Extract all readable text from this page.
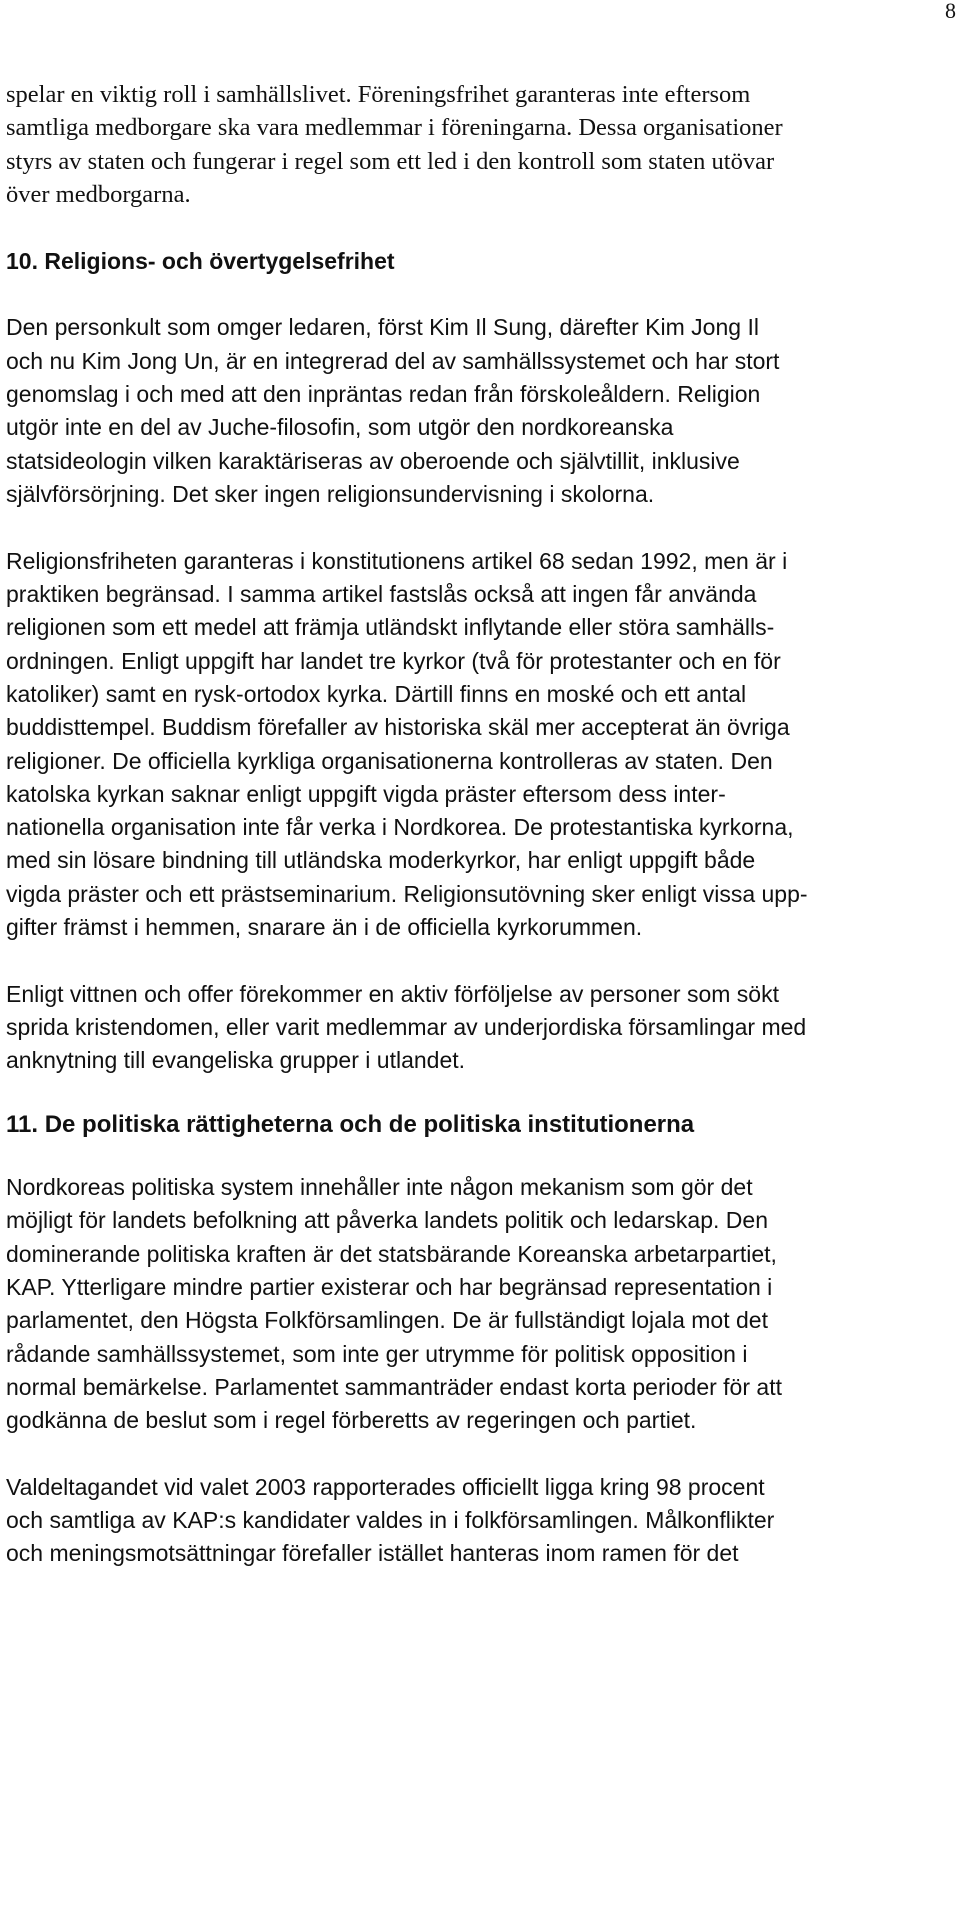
8
spelar en viktig roll i samhällslivet. Föreningsfrihet garanteras inte eftersom
samtliga medborgare ska vara medlemmar i föreningarna. Dessa organisationer
styrs av staten och fungerar i regel som ett led i den kontroll som staten utövar
över medborgarna.
10. Religions- och övertygelsefrihet
Den personkult som omger ledaren, först Kim Il Sung, därefter Kim Jong Il
och nu Kim Jong Un, är en integrerad del av samhällssystemet och har stort
genomslag i och med att den inpräntas redan från förskoleåldern. Religion
utgör inte en del av Juche-filosofin, som utgör den nordkoreanska
statsideologin vilken karaktäriseras av oberoende och självtillit, inklusive
självförsörjning. Det sker ingen religionsundervisning i skolorna.
Religionsfriheten garanteras i konstitutionens artikel 68 sedan 1992, men är i
praktiken begränsad. I samma artikel fastslås också att ingen får använda
religionen som ett medel att främja utländskt inflytande eller störa samhälls-
ordningen. Enligt uppgift har landet tre kyrkor (två för protestanter och en för
katoliker) samt en rysk-ortodox kyrka. Därtill finns en moské och ett antal
buddisttempel. Buddism förefaller av historiska skäl mer accepterat än övriga
religioner. De officiella kyrkliga organisationerna kontrolleras av staten. Den
katolska kyrkan saknar enligt uppgift vigda präster eftersom dess inter-
nationella organisation inte får verka i Nordkorea. De protestantiska kyrkorna,
med sin lösare bindning till utländska moderkyrkor, har enligt uppgift både
vigda präster och ett prästseminarium. Religionsutövning sker enligt vissa upp-
gifter främst i hemmen, snarare än i de officiella kyrkorummen.
Enligt vittnen och offer förekommer en aktiv förföljelse av personer som sökt
sprida kristendomen, eller varit medlemmar av underjordiska församlingar med
anknytning till evangeliska grupper i utlandet.
11. De politiska rättigheterna och de politiska institutionerna
Nordkoreas politiska system innehåller inte någon mekanism som gör det
möjligt för landets befolkning att påverka landets politik och ledarskap. Den
dominerande politiska kraften är det statsbärande Koreanska arbetarpartiet,
KAP. Ytterligare mindre partier existerar och har begränsad representation i
parlamentet, den Högsta Folkförsamlingen. De är fullständigt lojala mot det
rådande samhällssystemet, som inte ger utrymme för politisk opposition i
normal bemärkelse. Parlamentet sammanträder endast korta perioder för att
godkänna de beslut som i regel förberetts av regeringen och partiet.
Valdeltagandet vid valet 2003 rapporterades officiellt ligga kring 98 procent
och samtliga av KAP:s kandidater valdes in i folkförsamlingen. Målkonflikter
och meningsmotsättningar förefaller istället hanteras inom ramen för det
